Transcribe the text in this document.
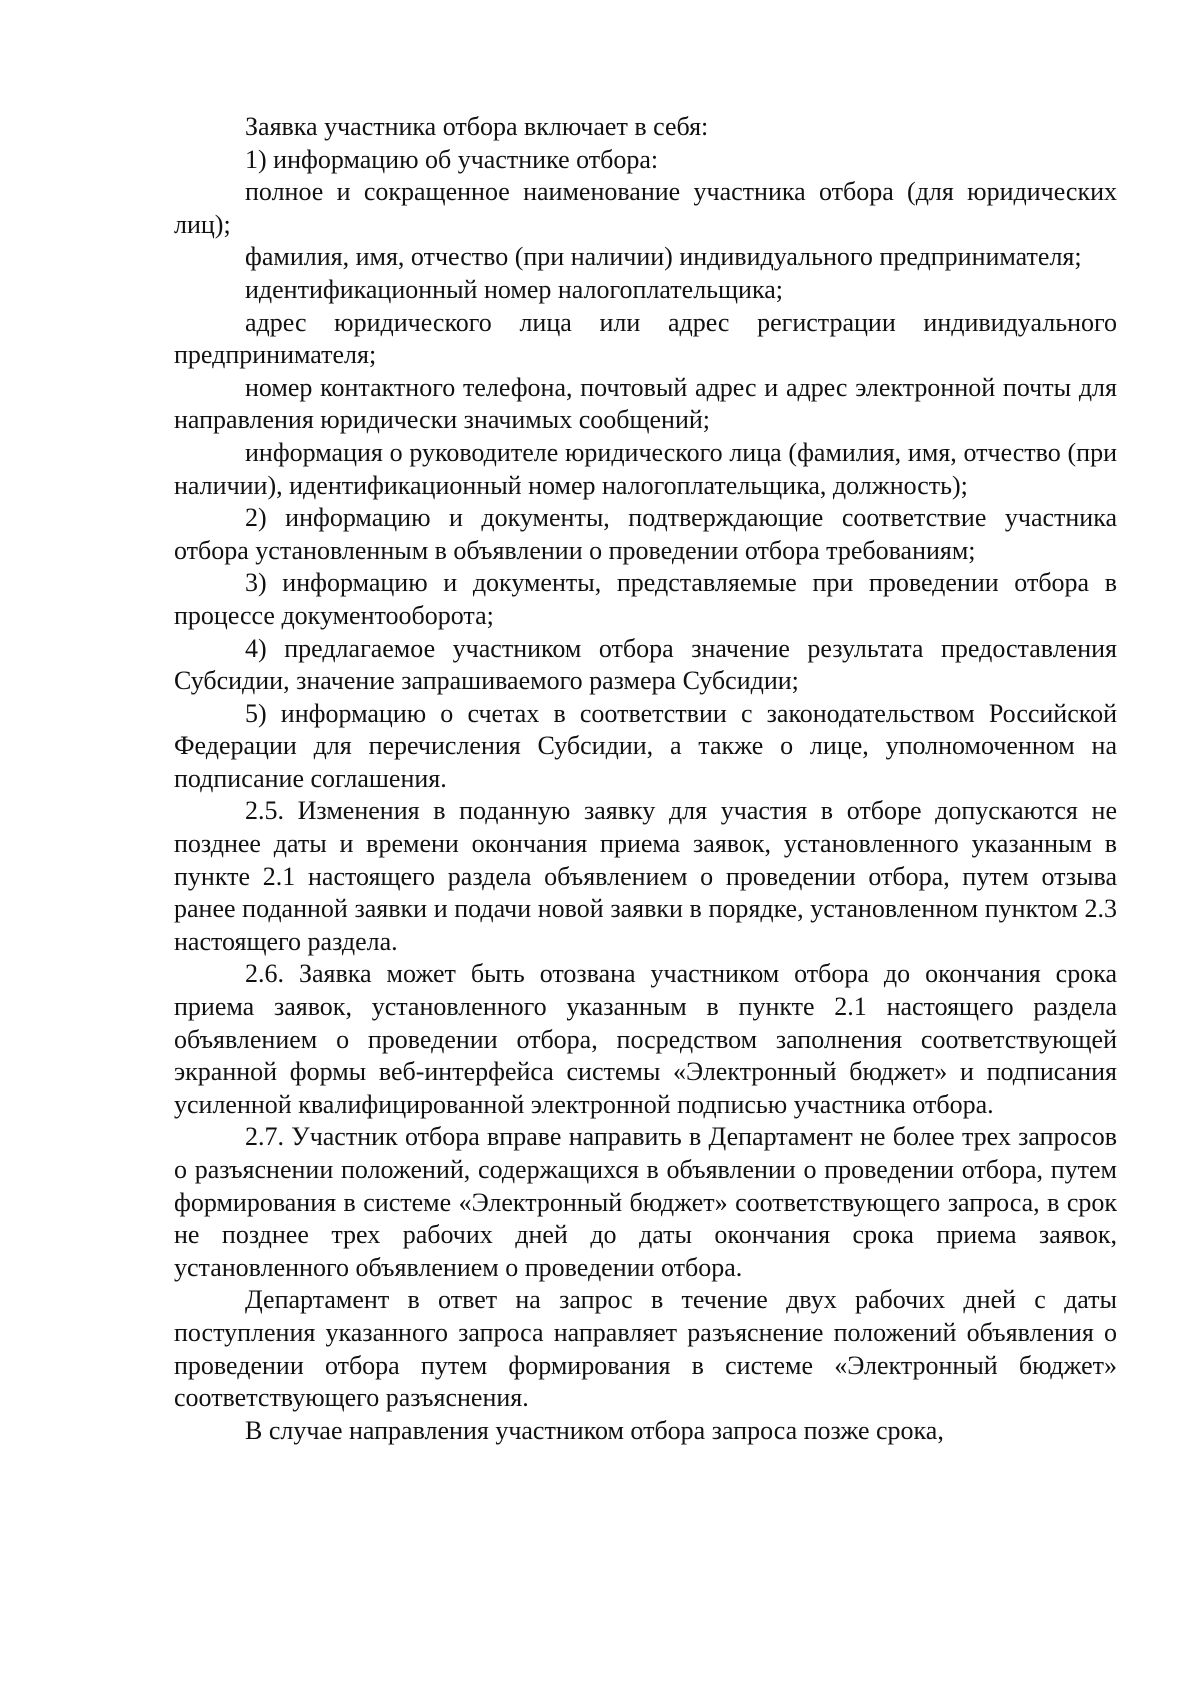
Заявка участника отбора включает в себя:

1) информацию об участнике отбора:

полное и сокращенное наименование участника отбора (для юридических лиц);

фамилия, имя, отчество (при наличии) индивидуального предпринимателя;

идентификационный номер налогоплательщика;

адрес юридического лица или адрес регистрации индивидуального предпринимателя;

номер контактного телефона, почтовый адрес и адрес электронной почты для направления юридически значимых сообщений;

информация о руководителе юридического лица (фамилия, имя, отчество (при наличии), идентификационный номер налогоплательщика, должность);

2) информацию и документы, подтверждающие соответствие участника отбора установленным в объявлении о проведении отбора требованиям;

3) информацию и документы, представляемые при проведении отбора в процессе документооборота;

4) предлагаемое участником отбора значение результата предоставления Субсидии, значение запрашиваемого размера Субсидии;

5) информацию о счетах в соответствии с законодательством Российской Федерации для перечисления Субсидии, а также о лице, уполномоченном на подписание соглашения.

2.5. Изменения в поданную заявку для участия в отборе допускаются не позднее даты и времени окончания приема заявок, установленного указанным в пункте 2.1 настоящего раздела объявлением о проведении отбора, путем отзыва ранее поданной заявки и подачи новой заявки в порядке, установленном пунктом 2.3 настоящего раздела.

2.6. Заявка может быть отозвана участником отбора до окончания срока приема заявок, установленного указанным в пункте 2.1 настоящего раздела объявлением о проведении отбора, посредством заполнения соответствующей экранной формы веб-интерфейса системы «Электронный бюджет» и подписания усиленной квалифицированной электронной подписью участника отбора.

2.7. Участник отбора вправе направить в Департамент не более трех запросов о разъяснении положений, содержащихся в объявлении о проведении отбора, путем формирования в системе «Электронный бюджет» соответствующего запроса, в срок не позднее трех рабочих дней до даты окончания срока приема заявок, установленного объявлением о проведении отбора.

Департамент в ответ на запрос в течение двух рабочих дней с даты поступления указанного запроса направляет разъяснение положений объявления о проведении отбора путем формирования в системе «Электронный бюджет» соответствующего разъяснения.

В случае направления участником отбора запроса позже срока,
